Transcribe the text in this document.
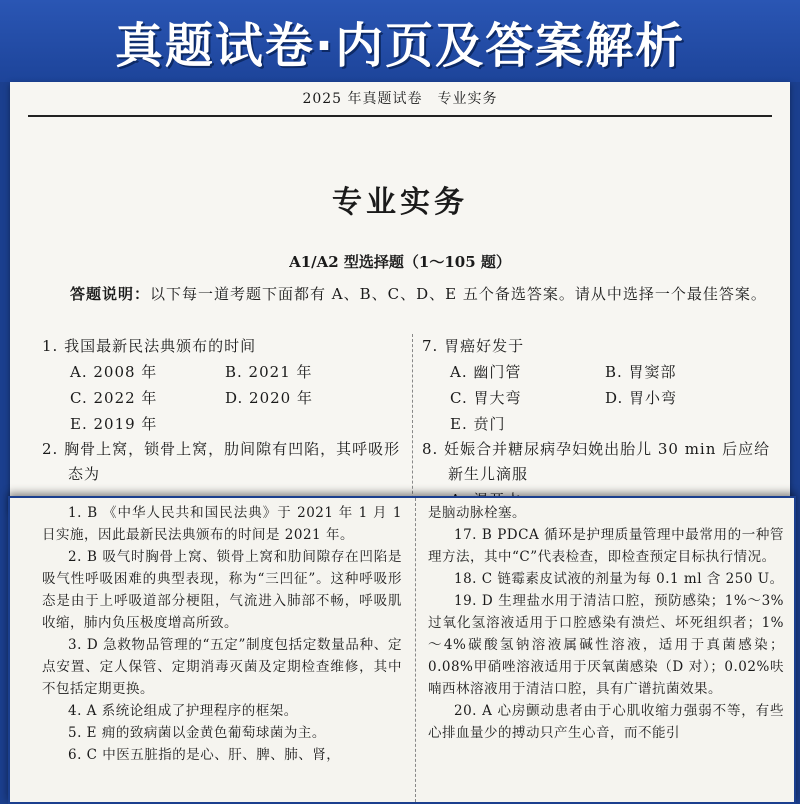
真题试卷·内页及答案解析
2025 年真题试卷　专业实务
专业实务
A1/A2 型选择题（1～105 题）
答题说明：以下每一道考题下面都有 A、B、C、D、E 五个备选答案。请从中选择一个最佳答案。
1. 我国最新民法典颁布的时间
A. 2008 年	B. 2021 年
C. 2022 年	D. 2020 年
E. 2019 年
2. 胸骨上窝，锁骨上窝，肋间隙有凹陷，其呼吸形态为
7. 胃癌好发于
A. 幽门管	B. 胃窦部
C. 胃大弯	D. 胃小弯
E. 贲门
8. 妊娠合并糖尿病孕妇娩出胎儿 30 min 后应给新生儿滴服

1. B 《中华人民共和国民法典》于 2021 年 1 月 1 日实施，因此最新民法典颁布的时间是 2021 年。

2. B 吸气时胸骨上窝、锁骨上窝和肋间隙存在凹陷是吸气性呼吸困难的典型表现，称为“三凹征”。这种呼吸形态是由于上呼吸道部分梗阻，气流进入肺部不畅，呼吸肌收缩，肺内负压极度增高所致。

3. D 急救物品管理的“五定”制度包括定数量品种、定点安置、定人保管、定期消毒灭菌及定期检查维修，其中不包括定期更换。

4. A 系统论组成了护理程序的框架。

5. E 痈的致病菌以金黄色葡萄球菌为主。

6. C 中医五脏指的是心、肝、脾、肺、肾，

是脑动脉栓塞。

17. B PDCA 循环是护理质量管理中最常用的一种管理方法，其中“C”代表检查，即检查预定目标执行情况。

18. C 链霉素皮试液的剂量为每 0.1 ml 含 250 U。

19. D 生理盐水用于清洁口腔，预防感染；1%～3%过氧化氢溶液适用于口腔感染有溃烂、坏死组织者；1%～4%碳酸氢钠溶液属碱性溶液，适用于真菌感染；0.08%甲硝唑溶液适用于厌氧菌感染（D 对）；0.02%呋喃西林溶液用于清洁口腔，具有广谱抗菌效果。

20. A 心房颤动患者由于心肌收缩力强弱不等，有些心排血量少的搏动只产生心音，而不能引
